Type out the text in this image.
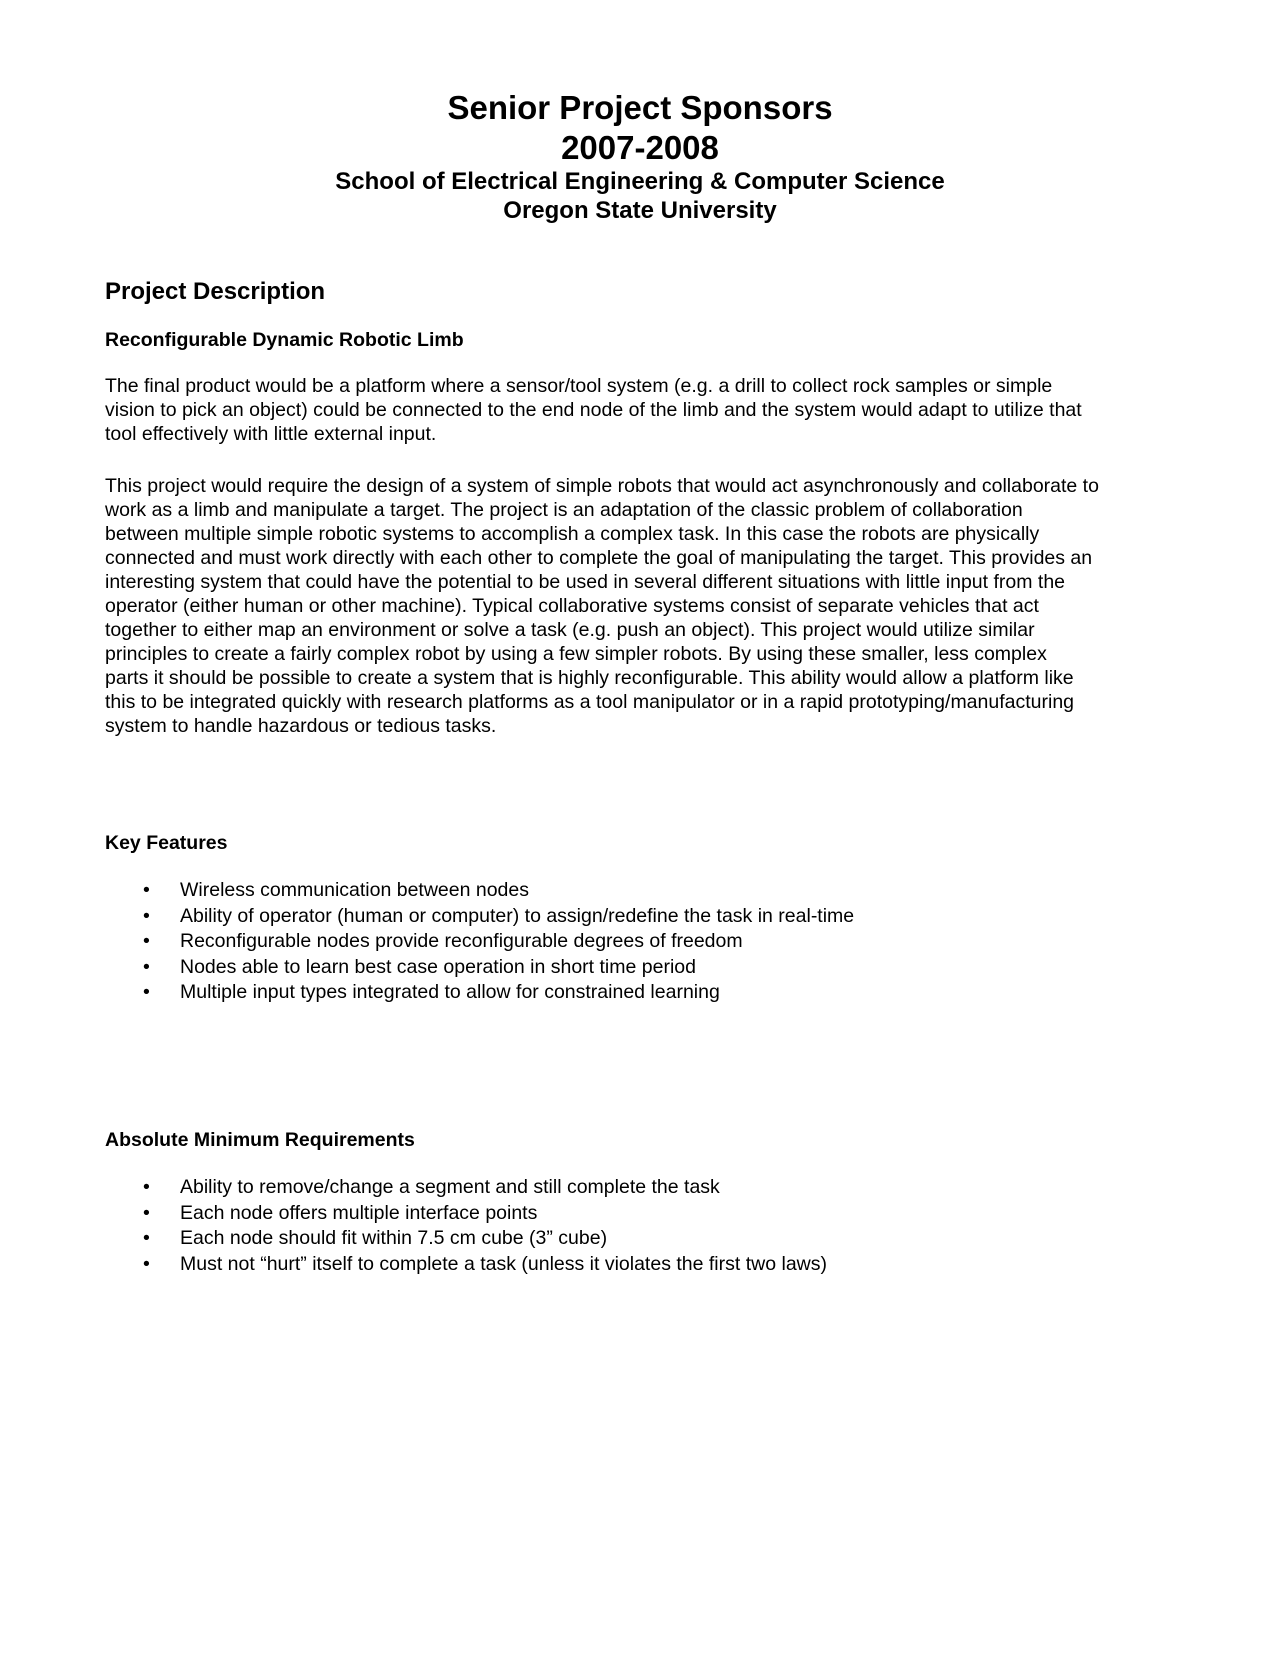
Senior Project Sponsors
2007-2008
School of Electrical Engineering & Computer Science
Oregon State University
Project Description
Reconfigurable Dynamic Robotic Limb
The final product would be a platform where a sensor/tool system (e.g. a drill to collect rock samples or simple
vision to pick an object) could be connected to the end node of the limb and the system would adapt to utilize that
tool effectively with little external input.
This project would require the design of a system of simple robots that would act asynchronously and collaborate to
work as a limb and manipulate a target. The project is an adaptation of the classic problem of collaboration
between multiple simple robotic systems to accomplish a complex task. In this case the robots are physically
connected and must work directly with each other to complete the goal of manipulating the target. This provides an
interesting system that could have the potential to be used in several different situations with little input from the
operator (either human or other machine). Typical collaborative systems consist of separate vehicles that act
together to either map an environment or solve a task (e.g. push an object). This project would utilize similar
principles to create a fairly complex robot by using a few simpler robots. By using these smaller, less complex
parts it should be possible to create a system that is highly reconfigurable. This ability would allow a platform like
this to be integrated quickly with research platforms as a tool manipulator or in a rapid prototyping/manufacturing
system to handle hazardous or tedious tasks.
Key Features
• Wireless communication between nodes
• Ability of operator (human or computer) to assign/redefine the task in real-time
• Reconfigurable nodes provide reconfigurable degrees of freedom
• Nodes able to learn best case operation in short time period
• Multiple input types integrated to allow for constrained learning
Absolute Minimum Requirements
• Ability to remove/change a segment and still complete the task
• Each node offers multiple interface points
• Each node should fit within 7.5 cm cube (3” cube)
• Must not “hurt” itself to complete a task (unless it violates the first two laws)
